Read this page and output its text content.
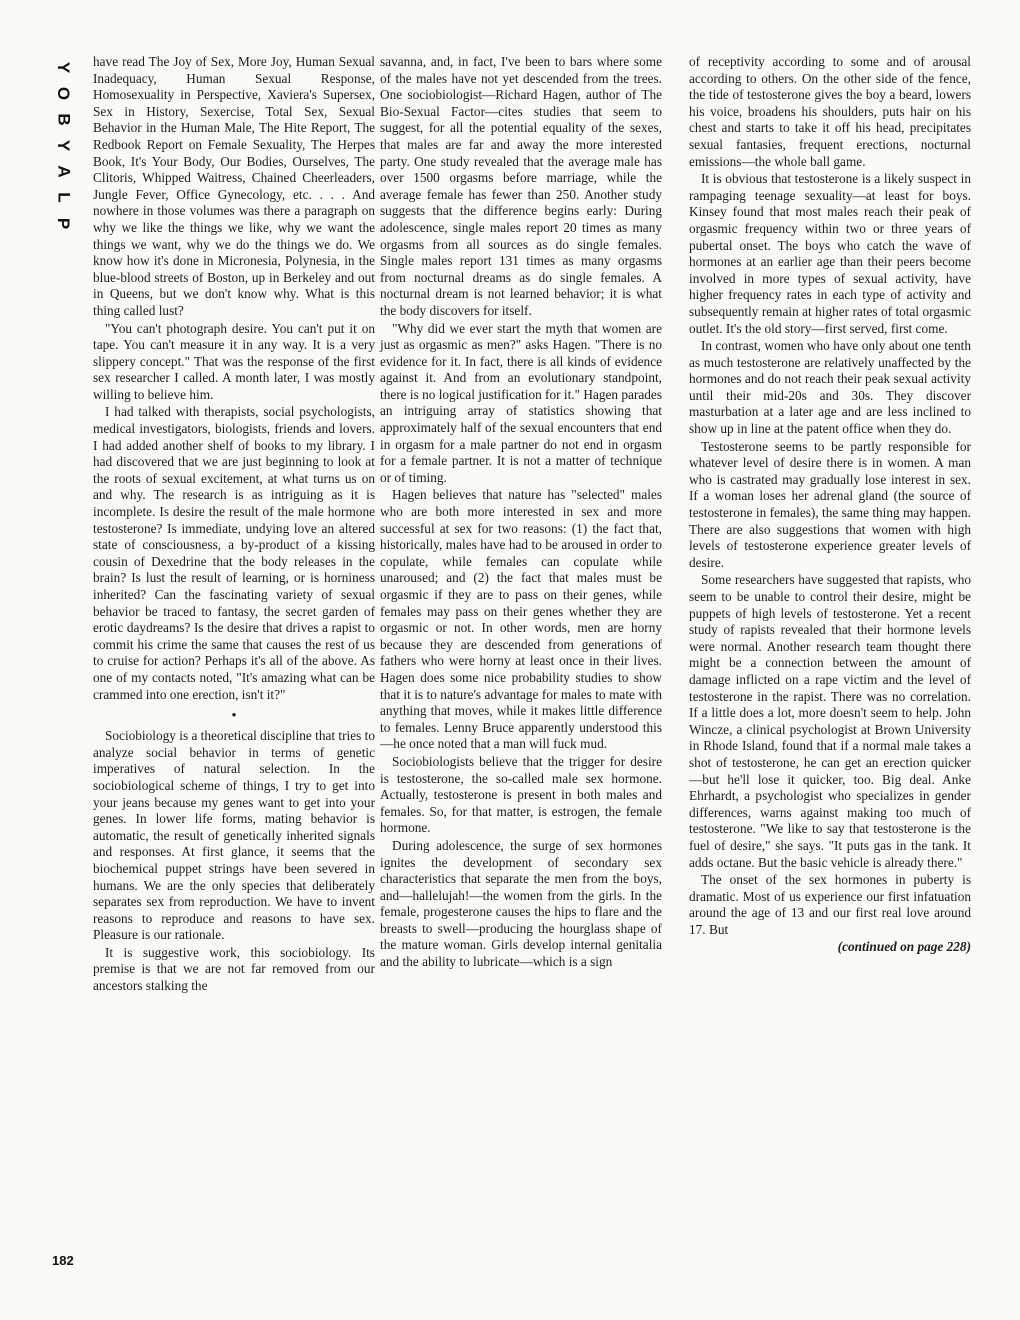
Y
O
B
Y
A
L
P

have read The Joy of Sex, More Joy, Human Sexual Inadequacy, Human Sexual Response, Homosexuality in Perspective, Xaviera's Supersex, Sex in History, Sexercise, Total Sex, Sexual Behavior in the Human Male, The Hite Report, The Redbook Report on Female Sexuality, The Herpes Book, It's Your Body, Our Bodies, Ourselves, The Clitoris, Whipped Waitress, Chained Cheerleaders, Jungle Fever, Office Gynecology, etc. . . . And nowhere in those volumes was there a paragraph on why we like the things we like, why we want the things we want, why we do the things we do. We know how it's done in Micronesia, Polynesia, in the blue-blood streets of Boston, up in Berkeley and out in Queens, but we don't know why. What is this thing called lust?

"You can't photograph desire. You can't put it on tape. You can't measure it in any way. It is a very slippery concept." That was the response of the first sex researcher I called. A month later, I was mostly willing to believe him.

I had talked with therapists, social psychologists, medical investigators, biologists, friends and lovers. I had added another shelf of books to my library. I had discovered that we are just beginning to look at the roots of sexual excitement, at what turns us on and why. The research is as intriguing as it is incomplete. Is desire the result of the male hormone testosterone? Is immediate, undying love an altered state of consciousness, a by-product of a kissing cousin of Dexedrine that the body releases in the brain? Is lust the result of learning, or is horniness inherited? Can the fascinating variety of sexual behavior be traced to fantasy, the secret garden of erotic daydreams? Is the desire that drives a rapist to commit his crime the same that causes the rest of us to cruise for action? Perhaps it's all of the above. As one of my contacts noted, "It's amazing what can be crammed into one erection, isn't it?"

•

Sociobiology is a theoretical discipline that tries to analyze social behavior in terms of genetic imperatives of natural selection. In the sociobiological scheme of things, I try to get into your jeans because my genes want to get into your genes. In lower life forms, mating behavior is automatic, the result of genetically inherited signals and responses. At first glance, it seems that the biochemical puppet strings have been severed in humans. We are the only species that deliberately separates sex from reproduction. We have to invent reasons to reproduce and reasons to have sex. Pleasure is our rationale.

It is suggestive work, this sociobiology. Its premise is that we are not far removed from our ancestors stalking the

savanna, and, in fact, I've been to bars where some of the males have not yet descended from the trees. One sociobiologist—Richard Hagen, author of The Bio-Sexual Factor—cites studies that seem to suggest, for all the potential equality of the sexes, that males are far and away the more interested party. One study revealed that the average male has over 1500 orgasms before marriage, while the average female has fewer than 250. Another study suggests that the difference begins early: During adolescence, single males report 20 times as many orgasms from all sources as do single females. Single males report 131 times as many orgasms from nocturnal dreams as do single females. A nocturnal dream is not learned behavior; it is what the body discovers for itself.

"Why did we ever start the myth that women are just as orgasmic as men?" asks Hagen. "There is no evidence for it. In fact, there is all kinds of evidence against it. And from an evolutionary standpoint, there is no logical justification for it." Hagen parades an intriguing array of statistics showing that approximately half of the sexual encounters that end in orgasm for a male partner do not end in orgasm for a female partner. It is not a matter of technique or of timing.

Hagen believes that nature has "selected" males who are both more interested in sex and more successful at sex for two reasons: (1) the fact that, historically, males have had to be aroused in order to copulate, while females can copulate while unaroused; and (2) the fact that males must be orgasmic if they are to pass on their genes, while females may pass on their genes whether they are orgasmic or not. In other words, men are horny because they are descended from generations of fathers who were horny at least once in their lives. Hagen does some nice probability studies to show that it is to nature's advantage for males to mate with anything that moves, while it makes little difference to females. Lenny Bruce apparently understood this—he once noted that a man will fuck mud.

Sociobiologists believe that the trigger for desire is testosterone, the so-called male sex hormone. Actually, testosterone is present in both males and females. So, for that matter, is estrogen, the female hormone.

During adolescence, the surge of sex hormones ignites the development of secondary sex characteristics that separate the men from the boys, and—hallelujah!—the women from the girls. In the female, progesterone causes the hips to flare and the breasts to swell—producing the hourglass shape of the mature woman. Girls develop internal genitalia and the ability to lubricate—which is a sign

of receptivity according to some and of arousal according to others. On the other side of the fence, the tide of testosterone gives the boy a beard, lowers his voice, broadens his shoulders, puts hair on his chest and starts to take it off his head, precipitates sexual fantasies, frequent erections, nocturnal emissions—the whole ball game.

It is obvious that testosterone is a likely suspect in rampaging teenage sexuality—at least for boys. Kinsey found that most males reach their peak of orgasmic frequency within two or three years of pubertal onset. The boys who catch the wave of hormones at an earlier age than their peers become involved in more types of sexual activity, have higher frequency rates in each type of activity and subsequently remain at higher rates of total orgasmic outlet. It's the old story—first served, first come.

In contrast, women who have only about one tenth as much testosterone are relatively unaffected by the hormones and do not reach their peak sexual activity until their mid-20s and 30s. They discover masturbation at a later age and are less inclined to show up in line at the patent office when they do.

Testosterone seems to be partly responsible for whatever level of desire there is in women. A man who is castrated may gradually lose interest in sex. If a woman loses her adrenal gland (the source of testosterone in females), the same thing may happen. There are also suggestions that women with high levels of testosterone experience greater levels of desire.

Some researchers have suggested that rapists, who seem to be unable to control their desire, might be puppets of high levels of testosterone. Yet a recent study of rapists revealed that their hormone levels were normal. Another research team thought there might be a connection between the amount of damage inflicted on a rape victim and the level of testosterone in the rapist. There was no correlation. If a little does a lot, more doesn't seem to help. John Wincze, a clinical psychologist at Brown University in Rhode Island, found that if a normal male takes a shot of testosterone, he can get an erection quicker—but he'll lose it quicker, too. Big deal. Anke Ehrhardt, a psychologist who specializes in gender differences, warns against making too much of testosterone. "We like to say that testosterone is the fuel of desire," she says. "It puts gas in the tank. It adds octane. But the basic vehicle is already there."

The onset of the sex hormones in puberty is dramatic. Most of us experience our first infatuation around the age of 13 and our first real love around 17. But

(continued on page 228)

182
